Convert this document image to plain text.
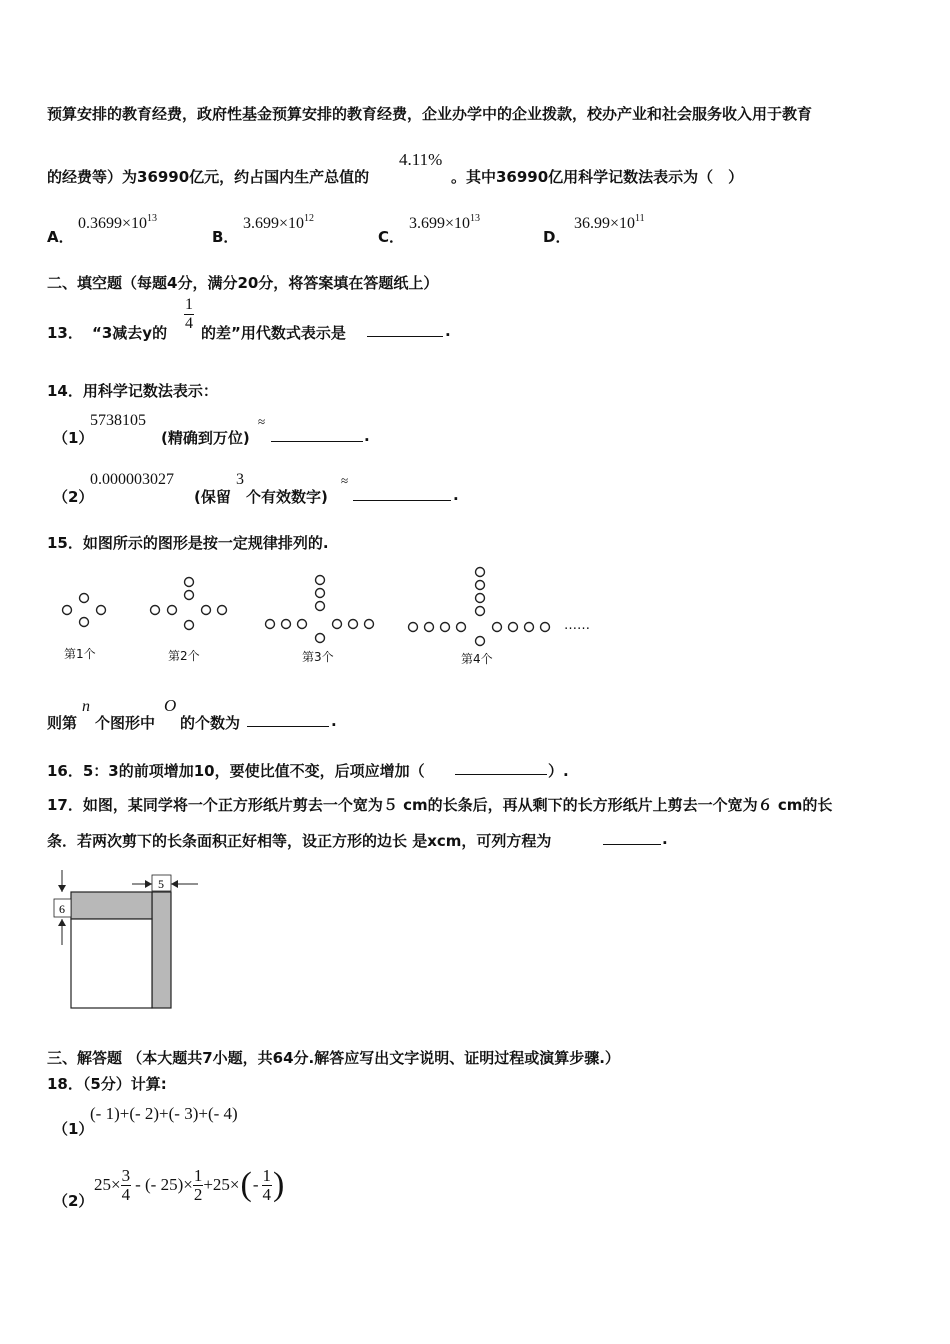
预算安排的教育经费，政府性基金预算安排的教育经费，企业办学中的企业拨款，校办产业和社会服务收入用于教育
的经费等）为36990亿元，约占国内生产总值的
4.11%
。其中36990亿用科学记数法表示为（　）
A．
$0.3699\times 10^{13}$
B．
$3.699\times 10^{12}$
C．
$3.699\times 10^{13}$
D．
$36.99\times 10^{11}$
二、填空题（每题4分，满分20分，将答案填在答题纸上）
13． “3减去y的 $\frac{1}{4}$ 的差”用代数式表示是	.
14．用科学记数法表示：
（1）
5738105
(精确到万位)
≈
.
（2）
0.000003027
(保留
3
个有效数字)
≈
.
15．如图所示的图形是按一定规律排列的.
……
第1个	第2个	第3个	第4个
则第
n
个图形中
O
的个数为	.
16．5：3的前项增加10，要使比值不变，后项应增加（	）.
17．如图，某同学将一个正方形纸片剪去一个宽为５ cm的长条后，再从剩下的长方形纸片上剪去一个宽为６ cm的长
条．若两次剪下的长条面积正好相等，设正方形的边长 是xcm，可列方程为	.
6
5
三、解答题 （本大题共7小题，共64分.解答应写出文字说明、证明过程或演算步骤.）
18．（5分）计算:
（1）
(- 1)+(- 2)+(- 3)+(- 4)
（2）
$25\times \frac{3}{4}$ - (- $25)\times \frac{1}{2} +25\times$ ( - $\frac{1}{4}$ )
